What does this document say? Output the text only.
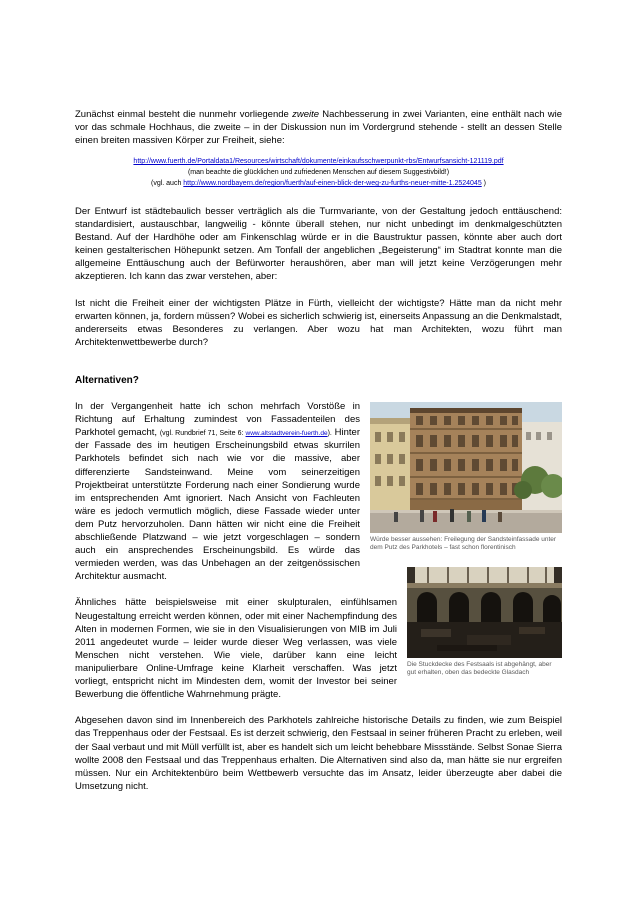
Zunächst einmal besteht die nunmehr vorliegende zweite Nachbesserung in zwei Varianten, eine enthält nach wie vor das schmale Hochhaus, die zweite – in der Diskussion nun im Vordergrund stehende - stellt an dessen Stelle einen breiten massiven Körper zur Freiheit, siehe:
http://www.fuerth.de/Portaldata1/Resources/wirtschaft/dokumente/einkaufsschwerpunkt-rbs/Entwurfsansicht-121119.pdf
(man beachte die glücklichen und zufriedenen Menschen auf diesem Suggestivbild!)
(vgl. auch http://www.nordbayern.de/region/fuerth/auf-einen-blick-der-weg-zu-furths-neuer-mitte-1.2524045 )
Der Entwurf ist städtebaulich besser verträglich als die Turmvariante, von der Gestaltung jedoch enttäuschend: standardisiert, austauschbar, langweilig - könnte überall stehen, nur nicht unbedingt im denkmalgeschützten Bestand. Auf der Hardhöhe oder am Finkenschlag würde er in die Baustruktur passen, könnte aber auch dort keinen gestalterischen Höhepunkt setzen. Am Tonfall der angeblichen „Begeisterung“ im Stadtrat konnte man die allgemeine Enttäuschung auch der Befürworter heraushören, aber man will jetzt keine Verzögerungen mehr akzeptieren. Ich kann das zwar verstehen, aber:
Ist nicht die Freiheit einer der wichtigsten Plätze in Fürth, vielleicht der wichtigste? Hätte man da nicht mehr erwarten können, ja, fordern müssen? Wobei es sicherlich schwierig ist, einerseits Anpassung an die Denkmalstadt, andererseits etwas Besonderes zu verlangen. Aber wozu hat man Architekten, wozu führt man Architektenwettbewerbe durch?
Alternativen?
Würde besser aussehen: Freilegung der Sandsteinfassade unter dem Putz des Parkhotels – fast schon florentinisch
Die Stuckdecke des Festsaals ist abgehängt, aber gut erhalten, oben das bedeckte Glasdach
In der Vergangenheit hatte ich schon mehrfach Vorstöße in Richtung auf Erhaltung zumindest von Fassadenteilen des Parkhotel gemacht, (vgl. Rundbrief 71, Seite 6: www.altstadtverein-fuerth.de). Hinter der Fassade des im heutigen Erscheinungsbild etwas skurrilen Parkhotels befindet sich nach wie vor die massive, aber differenzierte Sandsteinwand. Meine vom seinerzeitigen Projektbeirat unterstützte Forderung nach einer Sondierung wurde im entsprechenden Amt ignoriert. Nach Ansicht von Fachleuten wäre es jedoch vermutlich möglich, diese Fassade wieder unter dem Putz hervorzuholen. Dann hätten wir nicht eine die Freiheit abschließende Platzwand – wie jetzt vorgeschlagen – sondern auch ein ansprechendes Erscheinungsbild. Es würde das vermieden werden, was das Unbehagen an der zeitgenössischen Architektur ausmacht.
Ähnliches hätte beispielsweise mit einer skulpturalen, einfühlsamen Neugestaltung erreicht werden können, oder mit einer Nachempfindung des Alten in modernen Formen, wie sie in den Visualisierungen von MIB im Juli 2011 angedeutet wurde – leider wurde dieser Weg verlassen, was viele Menschen nicht verstehen. Wie viele, darüber kann eine leicht manipulierbare Online-Umfrage keine Klarheit verschaffen. Was jetzt vorliegt, entspricht nicht im Mindesten dem, womit der Investor bei seiner Bewerbung die öffentliche Wahrnehmung prägte.
Abgesehen davon sind im Innenbereich des Parkhotels zahlreiche historische Details zu finden, wie zum Beispiel das Treppenhaus oder der Festsaal. Es ist derzeit schwierig, den Festsaal in seiner früheren Pracht zu erleben, weil der Saal verbaut und mit Müll verfüllt ist, aber es handelt sich um leicht behebbare Missstände. Selbst Sonae Sierra wollte 2008 den Festsaal und das Treppenhaus erhalten. Die Alternativen sind also da, man hätte sie nur ergreifen müssen. Nur ein Architektenbüro beim Wettbewerb versuchte das im Ansatz, leider überzeugte aber dabei die Umsetzung nicht.
